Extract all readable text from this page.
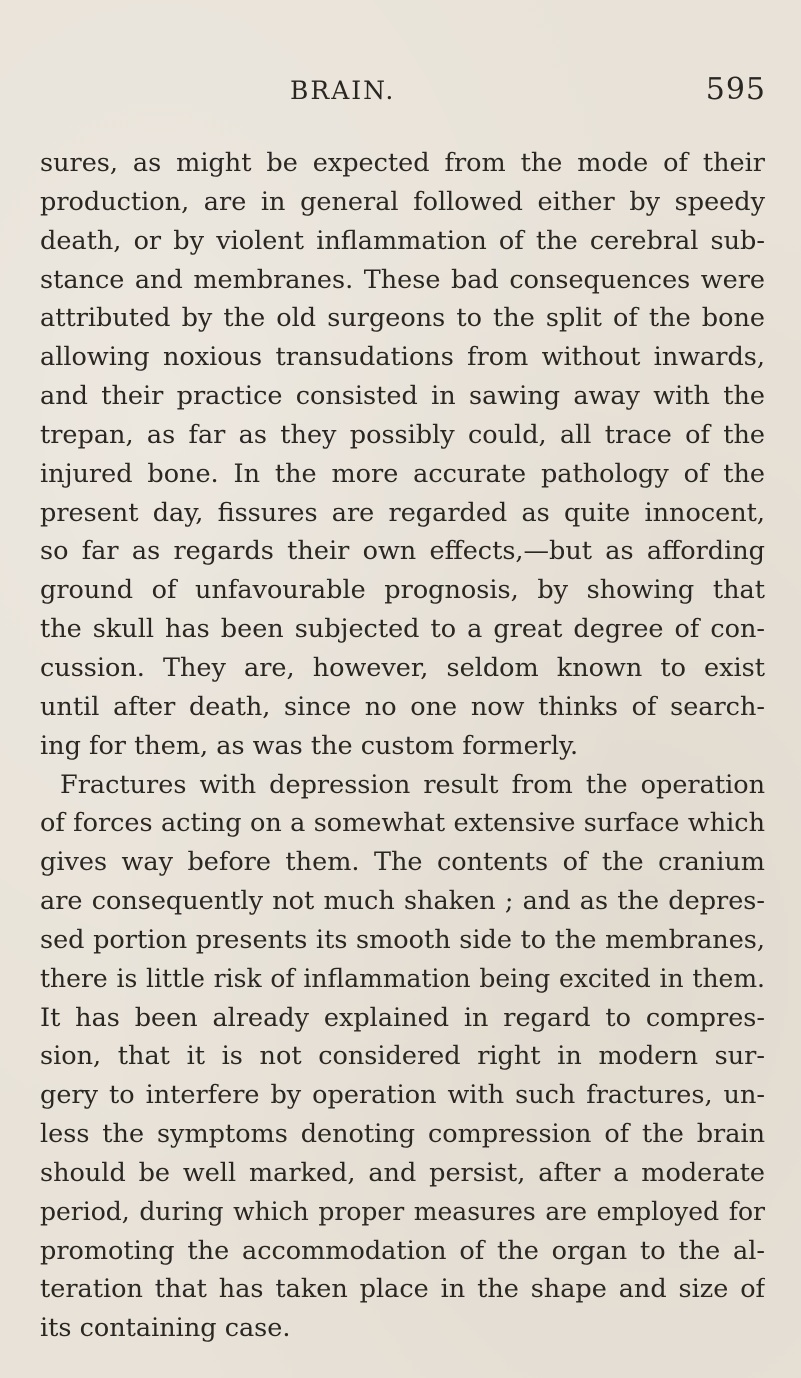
BRAIN.	595
sures, as might be expected from the mode of their
production, are in general followed either by speedy
death, or by violent inflammation of the cerebral sub-
stance and membranes. These bad consequences were
attributed by the old surgeons to the split of the bone
allowing noxious transudations from without inwards,
and their practice consisted in sawing away with the
trepan, as far as they possibly could, all trace of the
injured bone. In the more accurate pathology of the
present day, fissures are regarded as quite innocent,
so far as regards their own effects,—but as affording
ground of unfavourable prognosis, by showing that
the skull has been subjected to a great degree of con-
cussion. They are, however, seldom known to exist
until after death, since no one now thinks of search-
ing for them, as was the custom formerly.
Fractures with depression result from the operation
of forces acting on a somewhat extensive surface which
gives way before them. The contents of the cranium
are consequently not much shaken ; and as the depres-
sed portion presents its smooth side to the membranes,
there is little risk of inflammation being excited in them.
It has been already explained in regard to compres-
sion, that it is not considered right in modern sur-
gery to interfere by operation with such fractures, un-
less the symptoms denoting compression of the brain
should be well marked, and persist, after a moderate
period, during which proper measures are employed for
promoting the accommodation of the organ to the al-
teration that has taken place in the shape and size of
its containing case.
